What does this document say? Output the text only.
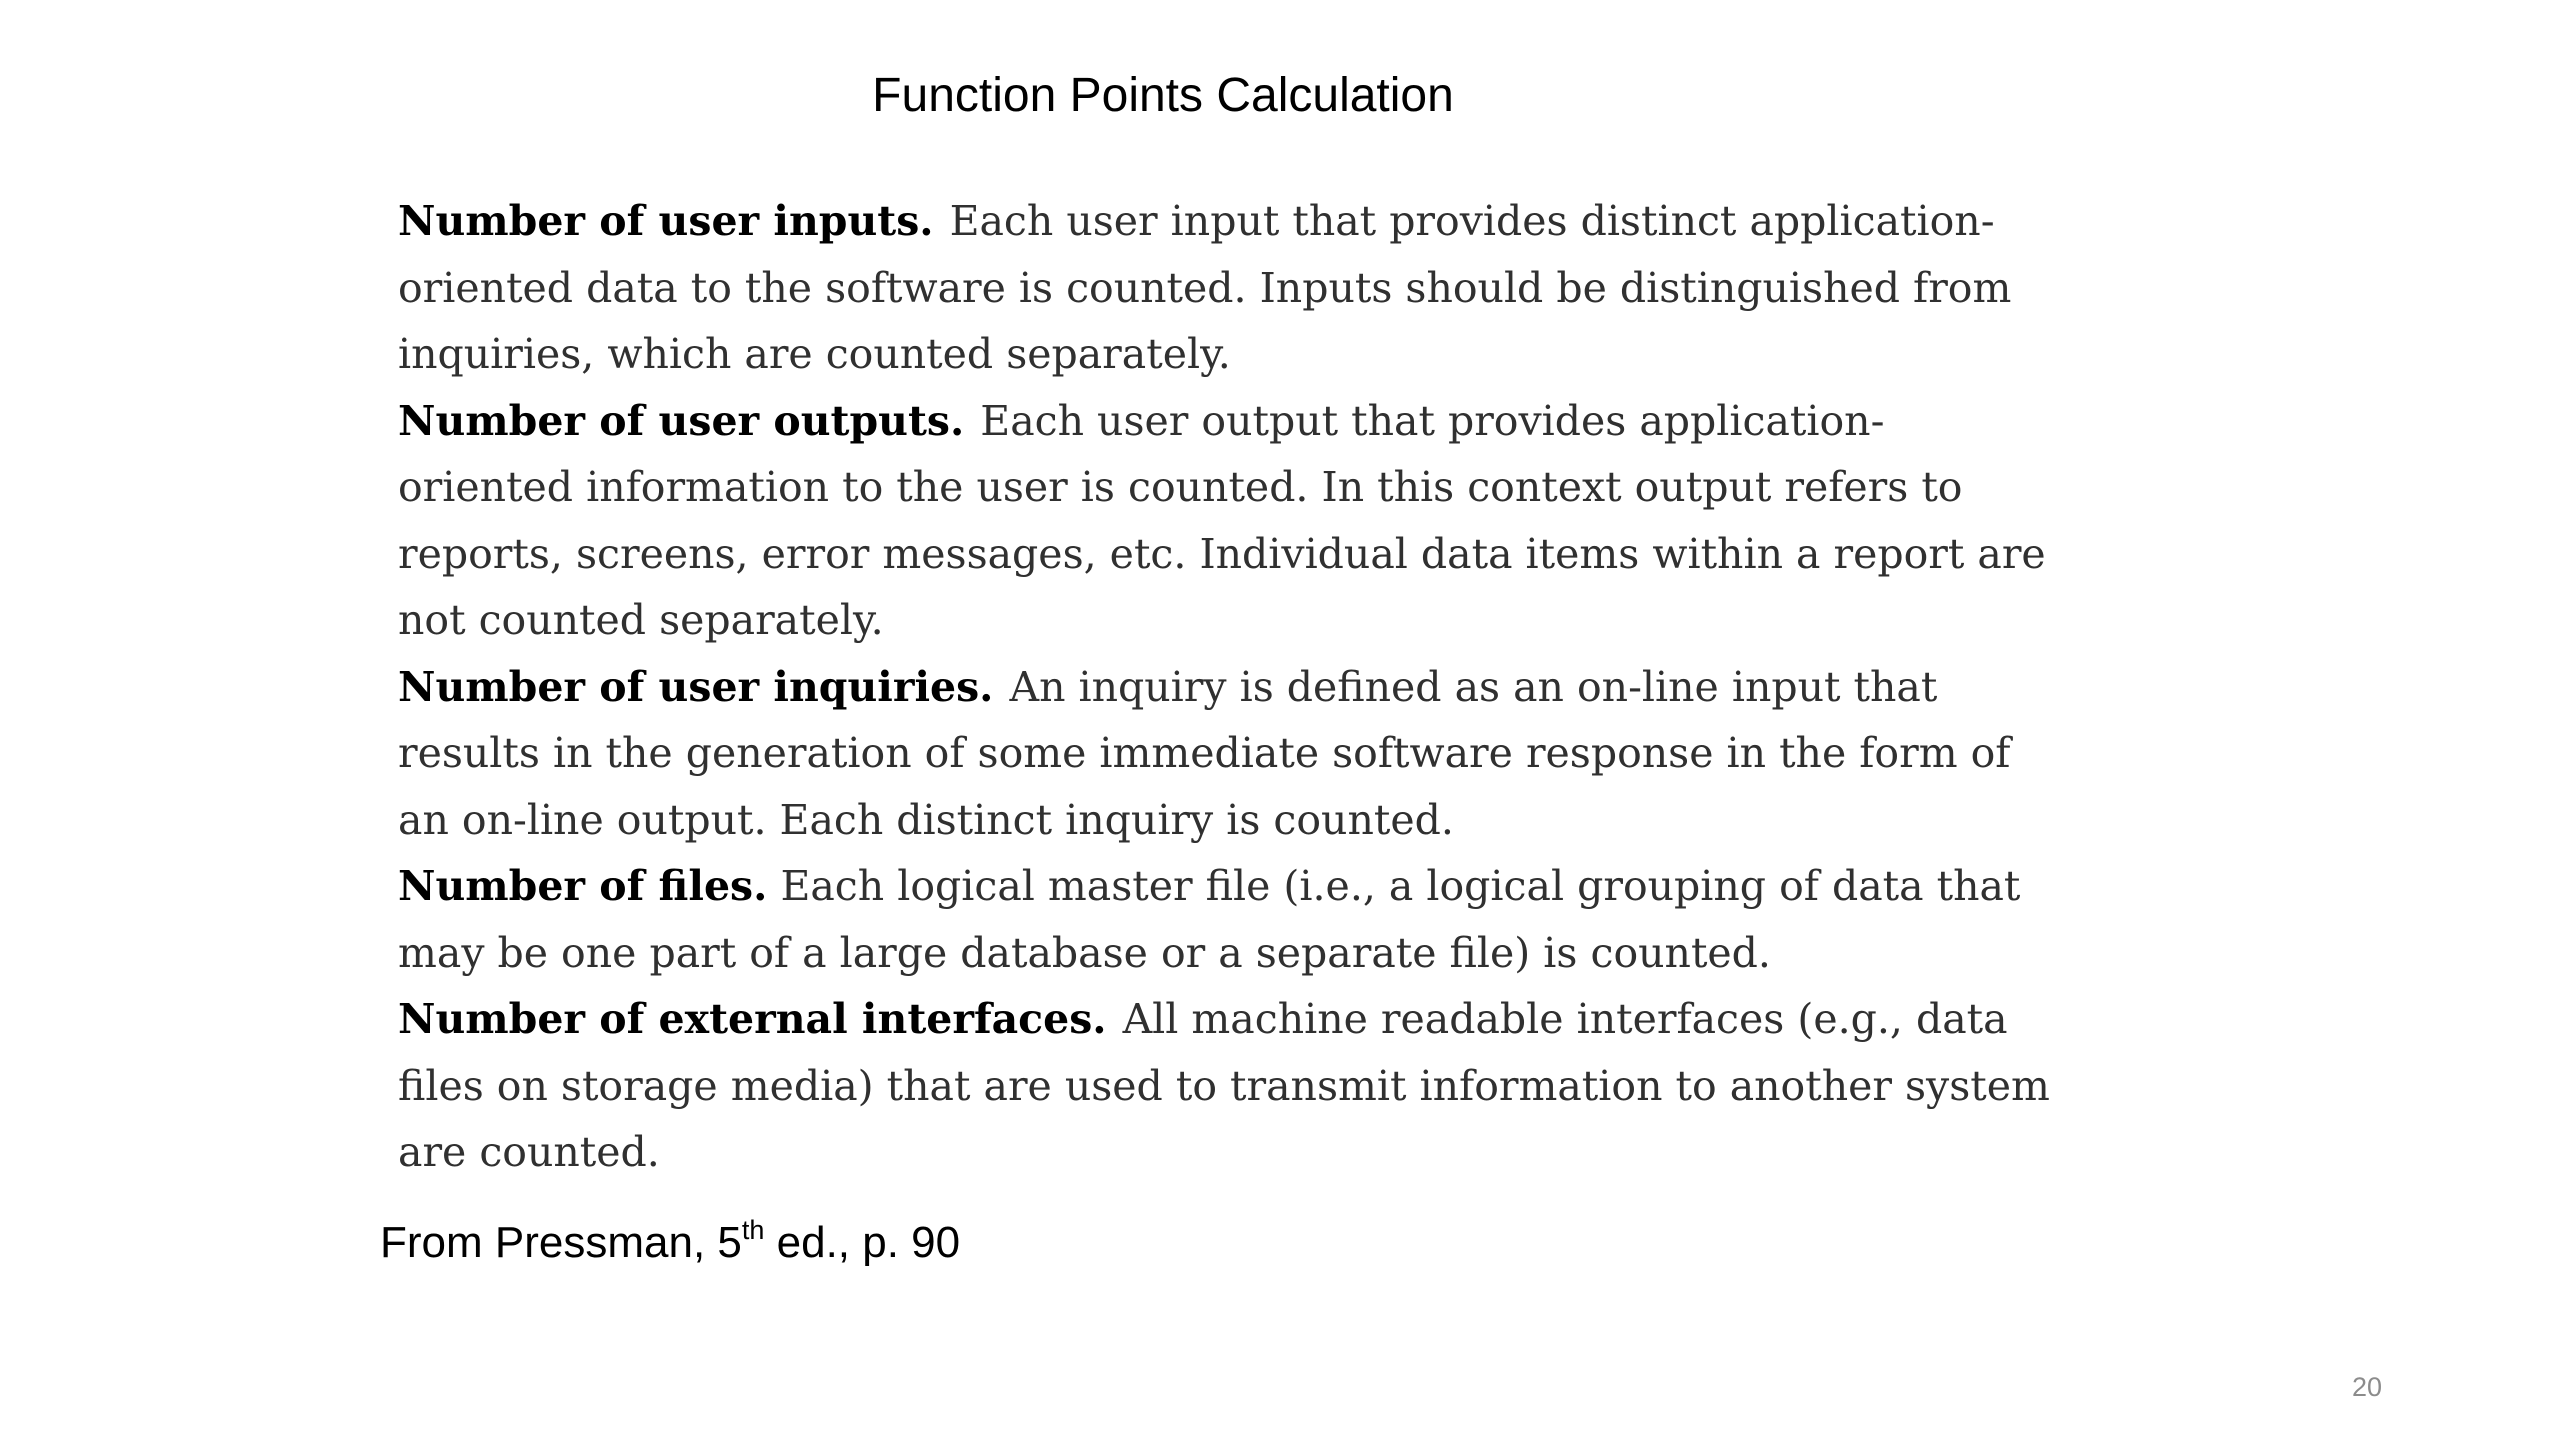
Function Points Calculation

Number of user inputs. Each user input that provides distinct application-oriented data to the software is counted. Inputs should be distinguished from inquiries, which are counted separately.

Number of user outputs. Each user output that provides application-oriented information to the user is counted. In this context output refers to reports, screens, error messages, etc. Individual data items within a report are not counted separately.

Number of user inquiries. An inquiry is defined as an on-line input that results in the generation of some immediate software response in the form of an on-line output. Each distinct inquiry is counted.

Number of files. Each logical master file (i.e., a logical grouping of data that may be one part of a large database or a separate file) is counted.

Number of external interfaces. All machine readable interfaces (e.g., data files on storage media) that are used to transmit information to another system are counted.

From Pressman, 5th ed., p. 90

20
